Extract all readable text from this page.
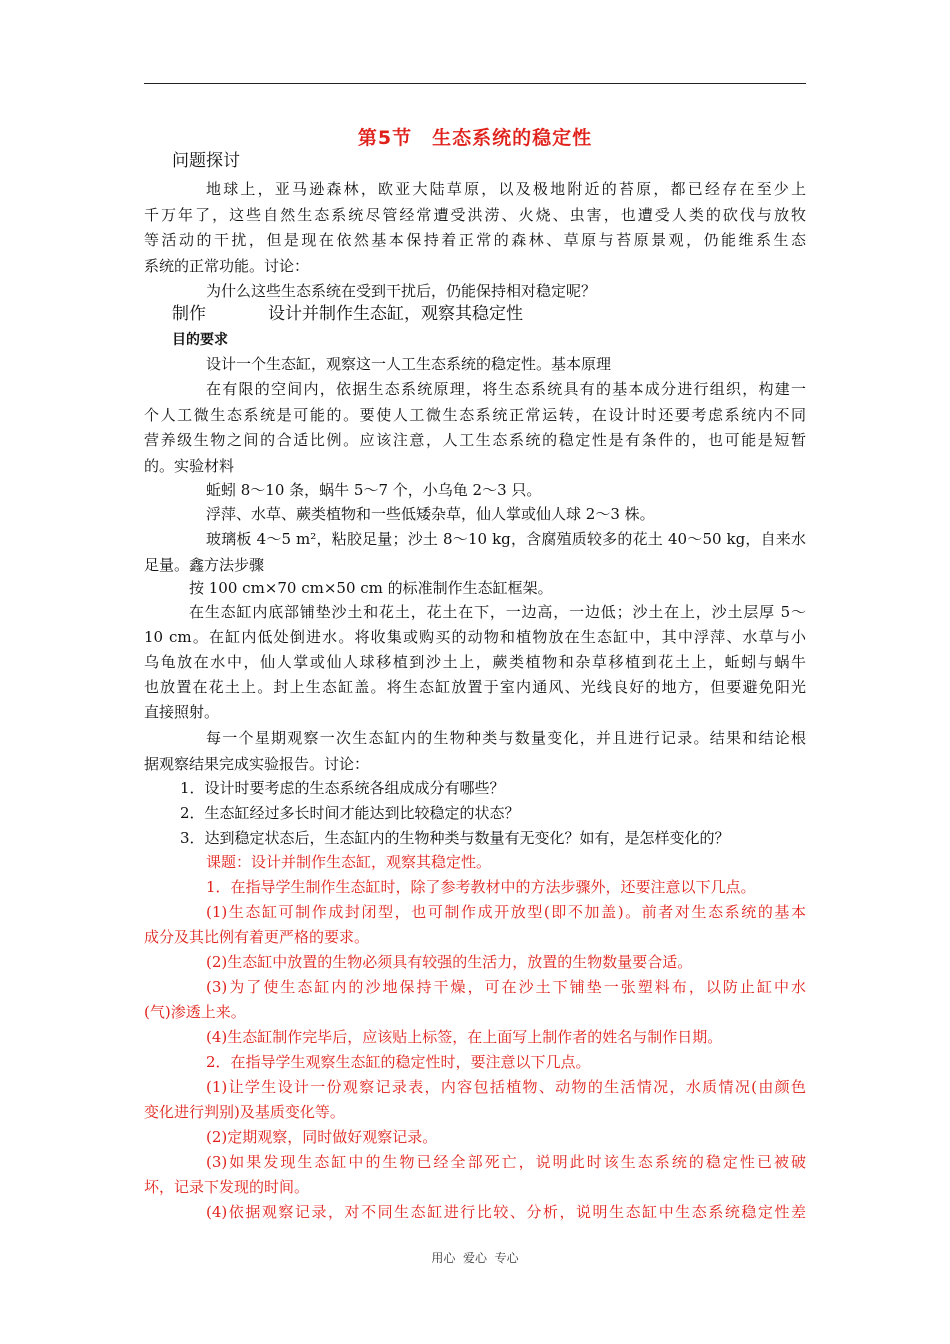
第5节　生态系统的稳定性
问题探讨
地球上，亚马逊森林，欧亚大陆草原，以及极地附近的苔原，都已经存在至少上
千万年了，这些自然生态系统尽管经常遭受洪涝、火烧、虫害，也遭受人类的砍伐与放牧
等活动的干扰，但是现在依然基本保持着正常的森林、草原与苔原景观，仍能维系生态
系统的正常功能。讨论：
为什么这些生态系统在受到干扰后，仍能保持相对稳定呢？
制作	设计并制作生态缸，观察其稳定性
目的要求
设计一个生态缸，观察这一人工生态系统的稳定性。基本原理
在有限的空间内，依据生态系统原理，将生态系统具有的基本成分进行组织，构建一
个人工微生态系统是可能的。要使人工微生态系统正常运转，在设计时还要考虑系统内不同
营养级生物之间的合适比例。应该注意，人工生态系统的稳定性是有条件的，也可能是短暂
的。实验材料
蚯蚓 8～10 条，蜗牛 5～7 个，小乌龟 2～3 只。
浮萍、水草、蕨类植物和一些低矮杂草，仙人掌或仙人球 2～3 株。
玻璃板 4～5 m²，粘胶足量；沙土 8～10 kg，含腐殖质较多的花土 40～50 kg，自来水
足量。鑫方法步骤
按 100 cm×70 cm×50 cm 的标准制作生态缸框架。
在生态缸内底部铺垫沙土和花土，花土在下，一边高，一边低；沙土在上，沙土层厚 5～
10 cm。在缸内低处倒进水。将收集或购买的动物和植物放在生态缸中，其中浮萍、水草与小
乌龟放在水中，仙人掌或仙人球移植到沙土上，蕨类植物和杂草移植到花土上，蚯蚓与蜗牛
也放置在花土上。封上生态缸盖。将生态缸放置于室内通风、光线良好的地方，但要避免阳光
直接照射。
每一个星期观察一次生态缸内的生物种类与数量变化，并且进行记录。结果和结论根
据观察结果完成实验报告。讨论：
1．设计时要考虑的生态系统各组成成分有哪些？
2．生态缸经过多长时间才能达到比较稳定的状态？
3．达到稳定状态后，生态缸内的生物种类与数量有无变化？如有，是怎样变化的？
课题：设计并制作生态缸，观察其稳定性。
1．在指导学生制作生态缸时，除了参考教材中的方法步骤外，还要注意以下几点。
(1)生态缸可制作成封闭型，也可制作成开放型(即不加盖)。前者对生态系统的基本
成分及其比例有着更严格的要求。
(2)生态缸中放置的生物必须具有较强的生活力，放置的生物数量要合适。
(3)为了使生态缸内的沙地保持干燥，可在沙土下铺垫一张塑料布，以防止缸中水
(气)渗透上来。
(4)生态缸制作完毕后，应该贴上标签，在上面写上制作者的姓名与制作日期。
2．在指导学生观察生态缸的稳定性时，要注意以下几点。
(1)让学生设计一份观察记录表，内容包括植物、动物的生活情况，水质情况(由颜色
变化进行判别)及基质变化等。
(2)定期观察，同时做好观察记录。
(3)如果发现生态缸中的生物已经全部死亡，说明此时该生态系统的稳定性已被破
坏，记录下发现的时间。
(4)依据观察记录，对不同生态缸进行比较、分析，说明生态缸中生态系统稳定性差
用心  爱心  专心
